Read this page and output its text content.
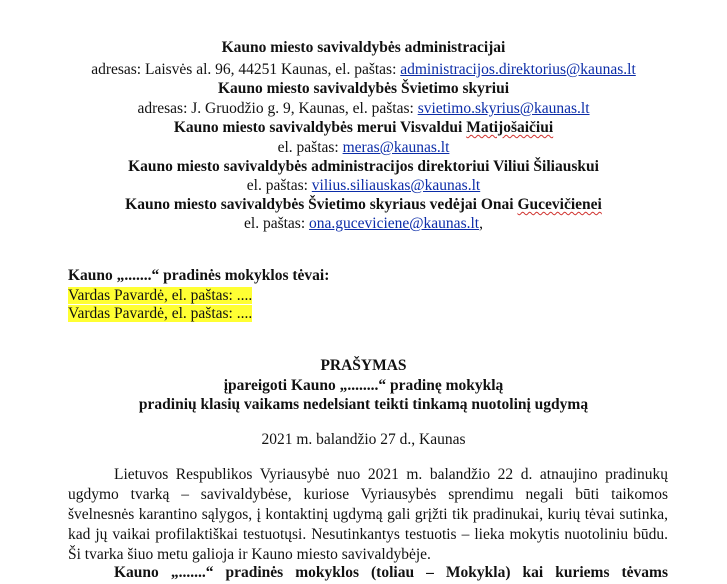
Kauno miesto savivaldybės administracijai
adresas: Laisvės al. 96, 44251 Kaunas, el. paštas: administracijos.direktorius@kaunas.lt
Kauno miesto savivaldybės Švietimo skyriui
adresas: J. Gruodžio g. 9, Kaunas, el. paštas: svietimo.skyrius@kaunas.lt
Kauno miesto savivaldybės merui Visvaldui Matijošaičiui
el. paštas: meras@kaunas.lt
Kauno miesto savivaldybės administracijos direktoriui Viliui Šiliauskui
el. paštas: vilius.siliauskas@kaunas.lt
Kauno miesto savivaldybės Švietimo skyriaus vedėjai Onai Gucevičienei
el. paštas: ona.guceviciene@kaunas.lt,
Kauno „.......“ pradinės mokyklos tėvai:
Vardas Pavardė, el. paštas: ....
Vardas Pavardė, el. paštas: ....
PRAŠYMAS
įpareigoti Kauno „........“ pradinę mokyklą
pradinių klasių vaikams nedelsiant teikti tinkamą nuotolinį ugdymą
2021 m. balandžio 27 d., Kaunas
Lietuvos Respublikos Vyriausybė nuo 2021 m. balandžio 22 d. atnaujino pradinukų
ugdymo tvarką – savivaldybėse, kuriose Vyriausybės sprendimu negali būti taikomos
švelnesnės karantino sąlygos, į kontaktinį ugdymą gali grįžti tik pradinukai, kurių tėvai sutinka,
kad jų vaikai profilaktiškai testuotųsi. Nesutinkantys testuotis – lieka mokytis nuotoliniu būdu.
Ši tvarka šiuo metu galioja ir Kauno miesto savivaldybėje.
Kauno „.......“ pradinės mokyklos (toliau – Mokykla) kai kuriems tėvams
